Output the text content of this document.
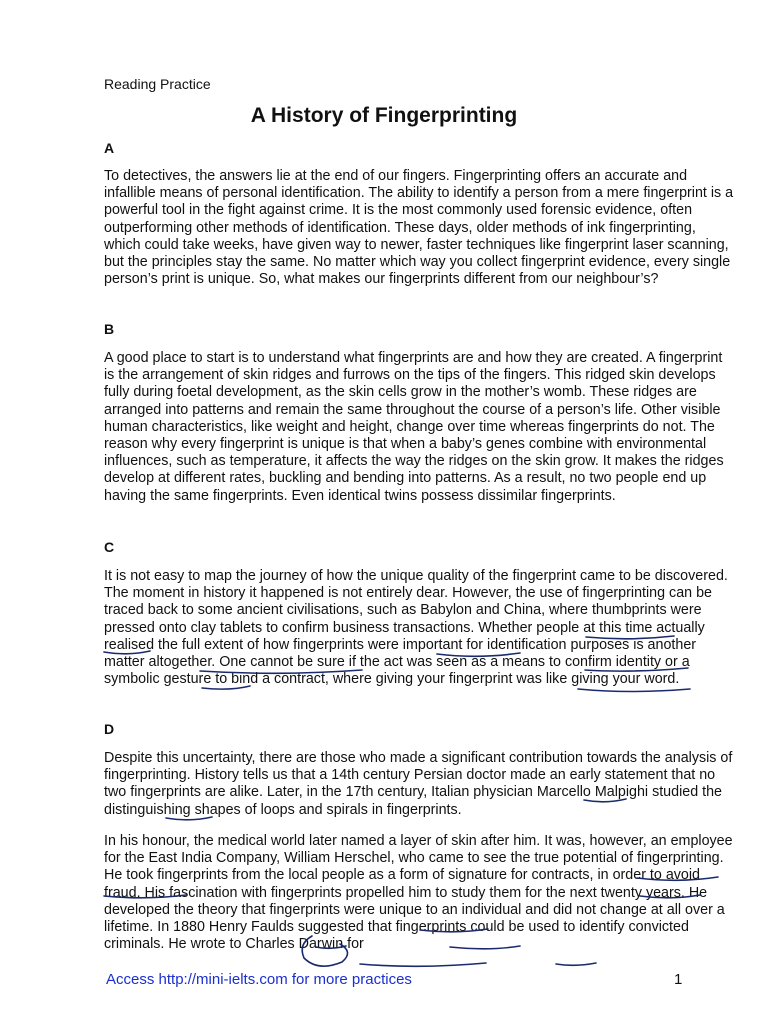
Reading Practice
A History of Fingerprinting
A

To detectives, the answers lie at the end of our fingers. Fingerprinting offers an accurate and infallible means of personal identification. The ability to identify a person from a mere fingerprint is a powerful tool in the fight against crime. It is the most commonly used forensic evidence, often outperforming other methods of identification. These days, older methods of ink fingerprinting, which could take weeks, have given way to newer, faster techniques like fingerprint laser scanning, but the principles stay the same. No matter which way you collect fingerprint evidence, every single person’s print is unique. So, what makes our fingerprints different from our neighbour’s?

B

A good place to start is to understand what fingerprints are and how they are created. A fingerprint is the arrangement of skin ridges and furrows on the tips of the fingers. This ridged skin develops fully during foetal development, as the skin cells grow in the mother’s womb. These ridges are arranged into patterns and remain the same throughout the course of a person’s life. Other visible human characteristics, like weight and height, change over time whereas fingerprints do not. The reason why every fingerprint is unique is that when a baby’s genes combine with environmental influences, such as temperature, it affects the way the ridges on the skin grow. It makes the ridges develop at different rates, buckling and bending into patterns. As a result, no two people end up having the same fingerprints. Even identical twins possess dissimilar fingerprints.

C

It is not easy to map the journey of how the unique quality of the fingerprint came to be discovered. The moment in history it happened is not entirely dear. However, the use of fingerprinting can be traced back to some ancient civilisations, such as Babylon and China, where thumbprints were pressed onto clay tablets to confirm business transactions. Whether people at this time actually realised the full extent of how fingerprints were important for identification purposes is another matter altogether. One cannot be sure if the act was seen as a means to confirm identity or a symbolic gesture to bind a contract, where giving your fingerprint was like giving your word.

D

Despite this uncertainty, there are those who made a significant contribution towards the analysis of fingerprinting. History tells us that a 14th century Persian doctor made an early statement that no two fingerprints are alike. Later, in the 17th century, Italian physician Marcello Malpighi studied the distinguishing shapes of loops and spirals in fingerprints.

In his honour, the medical world later named a layer of skin after him. It was, however, an employee for the East India Company, William Herschel, who came to see the true potential of fingerprinting. He took fingerprints from the local people as a form of signature for contracts, in order to avoid fraud. His fascination with fingerprints propelled him to study them for the next twenty years. He developed the theory that fingerprints were unique to an individual and did not change at all over a lifetime. In 1880 Henry Faulds suggested that fingerprints could be used to identify convicted criminals. He wrote to Charles Darwin for

Access http://mini-ielts.com for more practices	1
